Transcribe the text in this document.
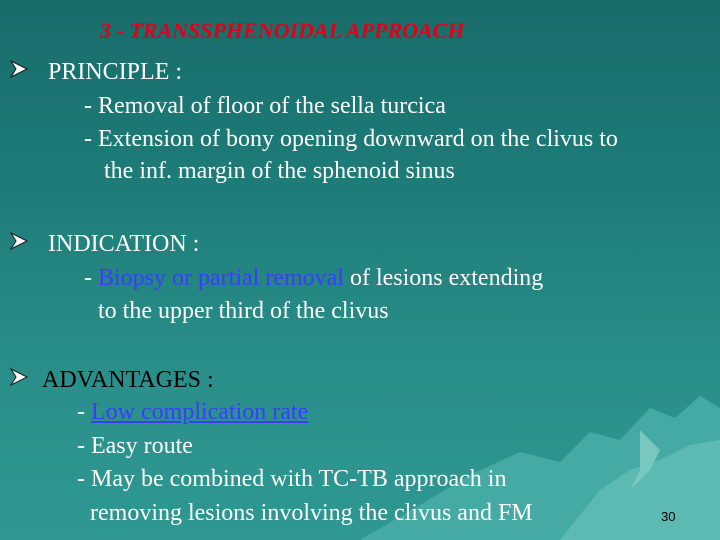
3 - TRANSSPHENOIDAL APPROACH
PRINCIPLE :
- Removal of floor of the sella turcica
- Extension of bony opening downward on the clivus to
the inf. margin of the sphenoid sinus
INDICATION :
- Biopsy or partial removal of lesions extending
to the upper third of the clivus
ADVANTAGES :
- Low complication rate
- Easy route
- May be combined with TC-TB approach in
removing lesions involving the clivus and FM	30
